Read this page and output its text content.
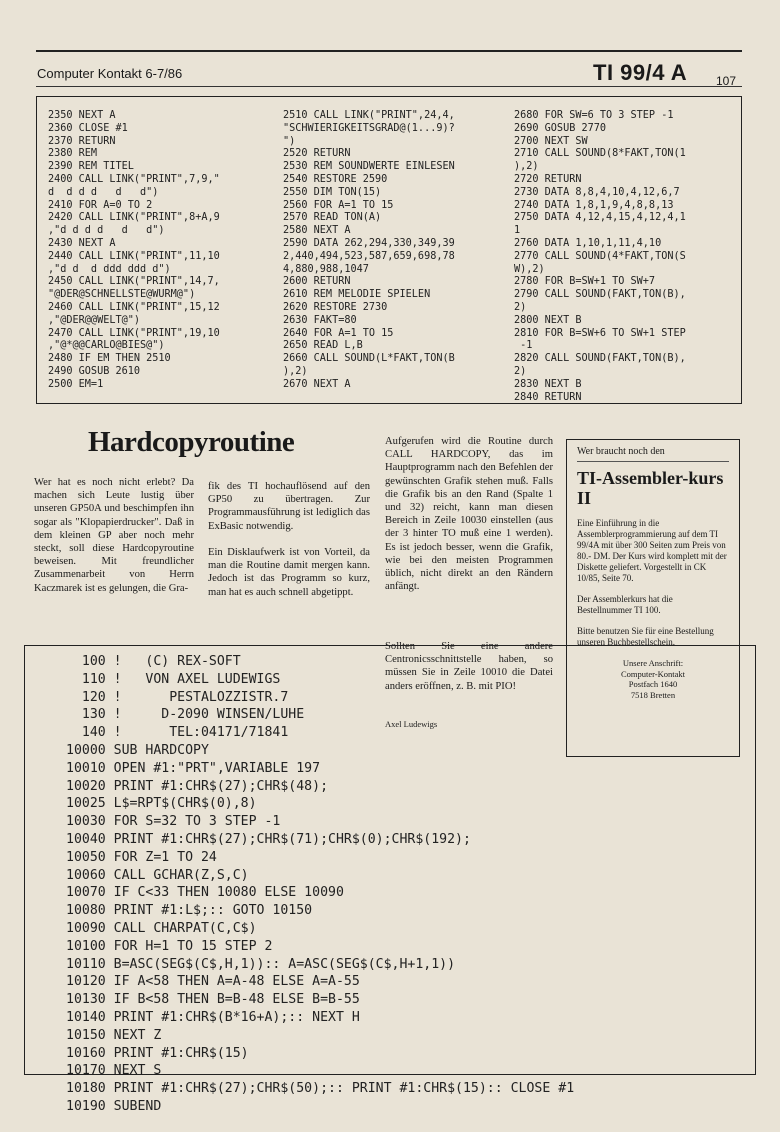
Computer Kontakt 6-7/86	TI 99/4 A 107
2350 NEXT A
2360 CLOSE #1
2370 RETURN
2380 REM
2390 REM TITEL
2400 CALL LINK("PRINT",7,9,"
d  d d d   d   d")
2410 FOR A=0 TO 2
2420 CALL LINK("PRINT",8+A,9
,"d d d d   d   d")
2430 NEXT A
2440 CALL LINK("PRINT",11,10
,"d d  d ddd ddd d")
2450 CALL LINK("PRINT",14,7,
"@DER@SCHNELLSTE@WURM@")
2460 CALL LINK("PRINT",15,12
,"@DER@@WELT@")
2470 CALL LINK("PRINT",19,10
,"@*@@CARLO@BIES@")
2480 IF EM THEN 2510
2490 GOSUB 2610
2500 EM=1
2510 CALL LINK("PRINT",24,4,
"SCHWIERIGKEITSGRAD@(1...9)?
")
2520 RETURN
2530 REM SOUNDWERTE EINLESEN
2540 RESTORE 2590
2550 DIM TON(15)
2560 FOR A=1 TO 15
2570 READ TON(A)
2580 NEXT A
2590 DATA 262,294,330,349,39
2,440,494,523,587,659,698,78
4,880,988,1047
2600 RETURN
2610 REM MELODIE SPIELEN
2620 RESTORE 2730
2630 FAKT=80
2640 FOR A=1 TO 15
2650 READ L,B
2660 CALL SOUND(L*FAKT,TON(B
),2)
2670 NEXT A
2680 FOR SW=6 TO 3 STEP -1
2690 GOSUB 2770
2700 NEXT SW
2710 CALL SOUND(8*FAKT,TON(1
),2)
2720 RETURN
2730 DATA 8,8,4,10,4,12,6,7
2740 DATA 1,8,1,9,4,8,8,13
2750 DATA 4,12,4,15,4,12,4,1
1
2760 DATA 1,10,1,11,4,10
2770 CALL SOUND(4*FAKT,TON(S
W),2)
2780 FOR B=SW+1 TO SW+7
2790 CALL SOUND(FAKT,TON(B),
2)
2800 NEXT B
2810 FOR B=SW+6 TO SW+1 STEP
-1
2820 CALL SOUND(FAKT,TON(B),
2)
2830 NEXT B
2840 RETURN
Hardcopyroutine

Wer hat es noch nicht erlebt? Da machen sich Leute lustig über unseren GP50A und beschimpfen ihn sogar als "Klopapierdrucker". Daß in dem kleinen GP aber noch mehr steckt, soll diese Hardcopyroutine beweisen. Mit freundlicher Zusammenarbeit von Herrn Kaczmarek ist es gelungen, die Gra-

fik des TI hochauflösend auf den GP50 zu übertragen. Zur Programmausführung ist lediglich das ExBasic notwendig.

Ein Disklaufwerk ist von Vorteil, da man die Routine damit mergen kann. Jedoch ist das Programm so kurz, man hat es auch schnell abgetippt.

Aufgerufen wird die Routine durch CALL HARDCOPY, das im Hauptprogramm nach den Befehlen der gewünschten Grafik stehen muß. Falls die Grafik bis an den Rand (Spalte 1 und 32) reicht, kann man diesen Bereich in Zeile 10030 einstellen (aus der 3 hinter TO muß eine 1 werden). Es ist jedoch besser, wenn die Grafik, wie bei den meisten Programmen üblich, nicht direkt an den Rändern anfängt.

Sollten Sie eine andere Centronicsschnittstelle haben, so müssen Sie in Zeile 10010 die Datei anders eröffnen, z. B. mit PIO!

Axel Ludewigs

Wer braucht noch den

TI-Assembler-kurs II

Eine Einführung in die Assemblerprogrammierung auf dem TI 99/4A mit über 300 Seiten zum Preis von 80.- DM. Der Kurs wird komplett mit der Diskette geliefert. Vorgestellt in CK 10/85, Seite 70.

Der Assemblerkurs hat die Bestellnummer TI 100.

Bitte benutzen Sie für eine Bestellung unseren Buchbestellschein.

Unsere Anschrift:
Computer-Kontakt
Postfach 1640
7518 Bretten

100 !   (C) REX-SOFT
110 !   VON AXEL LUDEWIGS
120 !      PESTALOZZISTR.7
130 !     D-2090 WINSEN/LUHE
140 !      TEL:04171/71841
10000 SUB HARDCOPY
10010 OPEN #1:"PRT",VARIABLE 197
10020 PRINT #1:CHR$(27);CHR$(48);
10025 L$=RPT$(CHR$(0),8)
10030 FOR S=32 TO 3 STEP -1
10040 PRINT #1:CHR$(27);CHR$(71);CHR$(0);CHR$(192);
10050 FOR Z=1 TO 24
10060 CALL GCHAR(Z,S,C)
10070 IF C<33 THEN 10080 ELSE 10090
10080 PRINT #1:L$;:: GOTO 10150
10090 CALL CHARPAT(C,C$)
10100 FOR H=1 TO 15 STEP 2
10110 B=ASC(SEG$(C$,H,1)):: A=ASC(SEG$(C$,H+1,1))
10120 IF A<58 THEN A=A-48 ELSE A=A-55
10130 IF B<58 THEN B=B-48 ELSE B=B-55
10140 PRINT #1:CHR$(B*16+A);:: NEXT H
10150 NEXT Z
10160 PRINT #1:CHR$(15)
10170 NEXT S
10180 PRINT #1:CHR$(27);CHR$(50);:: PRINT #1:CHR$(15):: CLOSE #1
10190 SUBEND
